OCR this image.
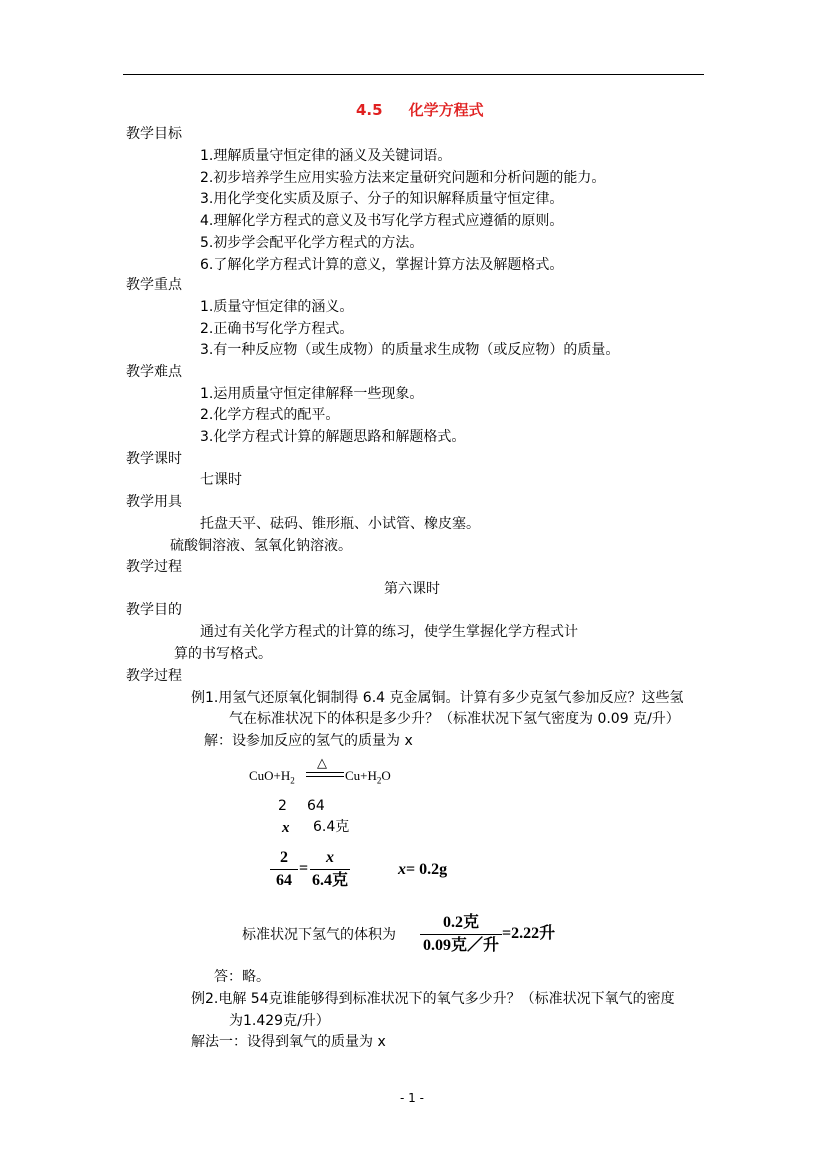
4.5 化学方程式
教学目标
1.理解质量守恒定律的涵义及关键词语。
2.初步培养学生应用实验方法来定量研究问题和分析问题的能力。
3.用化学变化实质及原子、分子的知识解释质量守恒定律。
4.理解化学方程式的意义及书写化学方程式应遵循的原则。
5.初步学会配平化学方程式的方法。
6.了解化学方程式计算的意义，掌握计算方法及解题格式。
教学重点
1.质量守恒定律的涵义。
2.正确书写化学方程式。
3.有一种反应物（或生成物）的质量求生成物（或反应物）的质量。
教学难点
1.运用质量守恒定律解释一些现象。
2.化学方程式的配平。
3.化学方程式计算的解题思路和解题格式。
教学课时
七课时
教学用具
托盘天平、砝码、锥形瓶、小试管、橡皮塞。
硫酸铜溶液、氢氧化钠溶液。
教学过程
第六课时
教学目的
通过有关化学方程式的计算的练习，使学生掌握化学方程式计
算的书写格式。
教学过程
例1.用氢气还原氧化铜制得 6.4 克金属铜。计算有多少克氢气参加反应？这些氢
气在标准状况下的体积是多少升？（标准状况下氢气密度为 0.09 克/升）
解：设参加反应的氢气的质量为 x
△
$CuO+H_2$	$Cu+H_2O$
2 64
x 6.4克
2
64
=
x
6.4克
x= 0.2g
标准状况下氢气的体积为
0.2克
0.09克／升
=2.22升
答：略。
例2.电解 54克谁能够得到标准状况下的氧气多少升？（标准状况下氧气的密度
为1.429克/升）
解法一：设得到氧气的质量为 x
- 1 -
